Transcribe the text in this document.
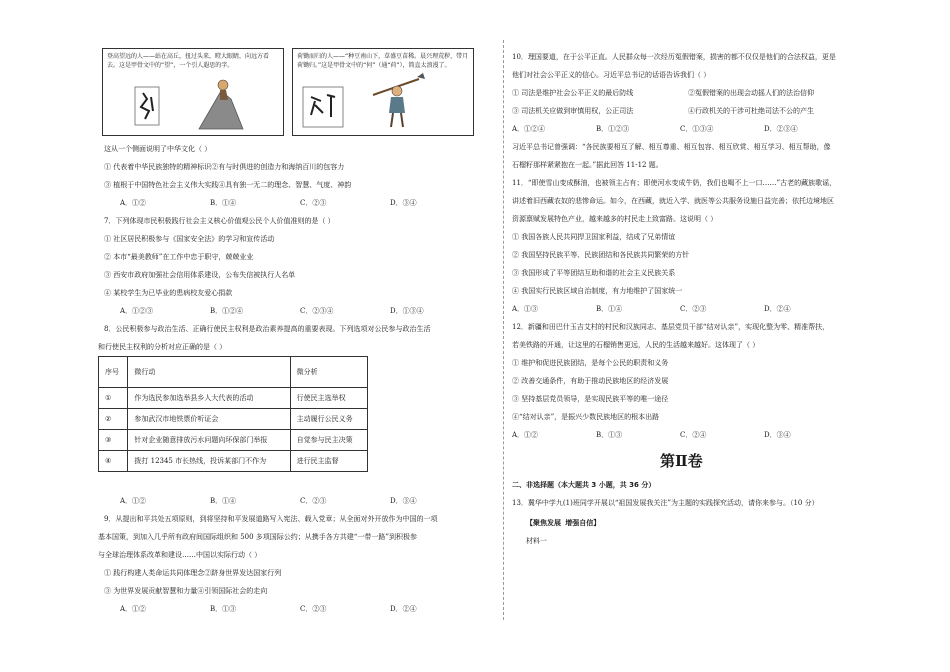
登高望远的人——站在高丘，扭过头来，瞪大眼睛，向远方看去。这是甲骨文中的“望”，一个引人遐思的字。
荷锄而归的人——“种豆南山下，草盛豆苗稀。晨兴理荒秽，带月荷锄归。”这是甲骨文中的“何”（通“荷”），简直太浪漫了。
这从一个侧面说明了中华文化（ ）
① 代表着中华民族独特的精神标识②有与时俱进的创造力和海纳百川的包容力
③ 植根于中国特色社会主义伟大实践④具有独一无二的理念、智慧、气度、神韵
A．①②	B．①④	C．②③	D．③④
7．下列体现市民积极践行社会主义核心价值观公民个人价值准则的是（ ）
① 社区居民积极参与《国家安全法》的学习和宣传活动
② 本市“最美教师”在工作中忠于职守，兢兢业业
③ 西安市政府加强社会信用体系建设，公布失信被执行人名单
④ 某校学生为已毕业的患病校友爱心捐款
A．①②③	B．①②④	C．②③④	D．①③④
8．公民积极参与政治生活、正确行使民主权利是政治素养提高的重要表现。下列选项对公民参与政治生活
和行使民主权利的分析对应正确的是（ ）
序号	微行动	微分析
①	作为选民参加选举县乡人大代表的活动	行使民主选举权
②	参加武汉市地铁票价听证会	主动履行公民义务
③	针对企业随意排放污水问题向环保部门举报	自觉参与民主决策
④	拨打 12345 市长热线，投诉某部门不作为	进行民主监督
A．①②	B．①④	C．②③	D．③④
9．从提出和平共处五项原则，到将坚持和平发展道路写入宪法、载入党章；从全面对外开放作为中国的一项
基本国策，到加入几乎所有政府间国际组织和 500 多项国际公约；从携手各方共建“一带一路”到积极参
与全球治理体系改革和建设……中国以实际行动（ ）
① 践行构建人类命运共同体理念②跻身世界发达国家行列
③ 为世界发展贡献智慧和力量④引领国际社会的走向
A．①②	B．①③	C．②③	D．②④
10．理国要道，在于公平正直。人民群众每一次经历冤假错案，损害的都不仅仅是他们的合法权益，更是
他们对社会公平正义的信心。习近平总书记的话语告诉我们（ ）
① 司法是维护社会公平正义的最后防线	②冤假错案的出现会动摇人们的法治信仰
③ 司法机关应做到审慎用权，公正司法	④行政机关的干涉可杜绝司法不公的产生
A．①②④	B．①②③	C．①③④	D．②③④
习近平总书记曾强调：“各民族要相互了解、相互尊重、相互包容、相互欣赏、相互学习、相互帮助，像
石榴籽那样紧紧抱在一起。”据此回答 11-12 题。
11．“即使雪山变成酥油，也被领主占有；即使河水变成牛奶，我们也喝不上一口……”古老的藏族歌谣，
讲述着旧西藏农奴的悲惨命运。如今，在西藏，就近入学、就医等公共服务设施日益完善；依托边境地区
资源禀赋发展特色产业，越来越多的村民走上致富路。这说明（ ）
① 我国各族人民共同捍卫国家利益，结成了兄弟情谊
② 我国坚持民族平等、民族团结和各民族共同繁荣的方针
③ 我国形成了平等团结互助和谐的社会主义民族关系
④ 我国实行民族区域自治制度，有力地维护了国家统一
A．①③	B．①④	C．②③	D．②④
12．新疆和田巴什玉吉艾村的村民和汉族同志、基层党员干部“结对认亲”，实现化整为零、精准帮扶，
若美铁路的开通，让这里的石榴销售更远，人民的生活越来越好。这体现了（ ）
① 维护和促进民族团结，是每个公民的职责和义务
② 改善交通条件，有助于推动民族地区的经济发展
③ 坚持基层党员领导，是实现民族平等的唯一途径
④“结对认亲”，是振兴少数民族地区的根本出路
A．①②	B．①③	C．②④	D．③④
第Ⅱ卷
二、非选择题（本大题共 3 小题，共 36 分）
13．冀华中学九(1)班同学开展以“祖国发展我关注”为主题的实践探究活动，请你来参与。（10 分）
【聚焦发展 增强自信】
材料一
